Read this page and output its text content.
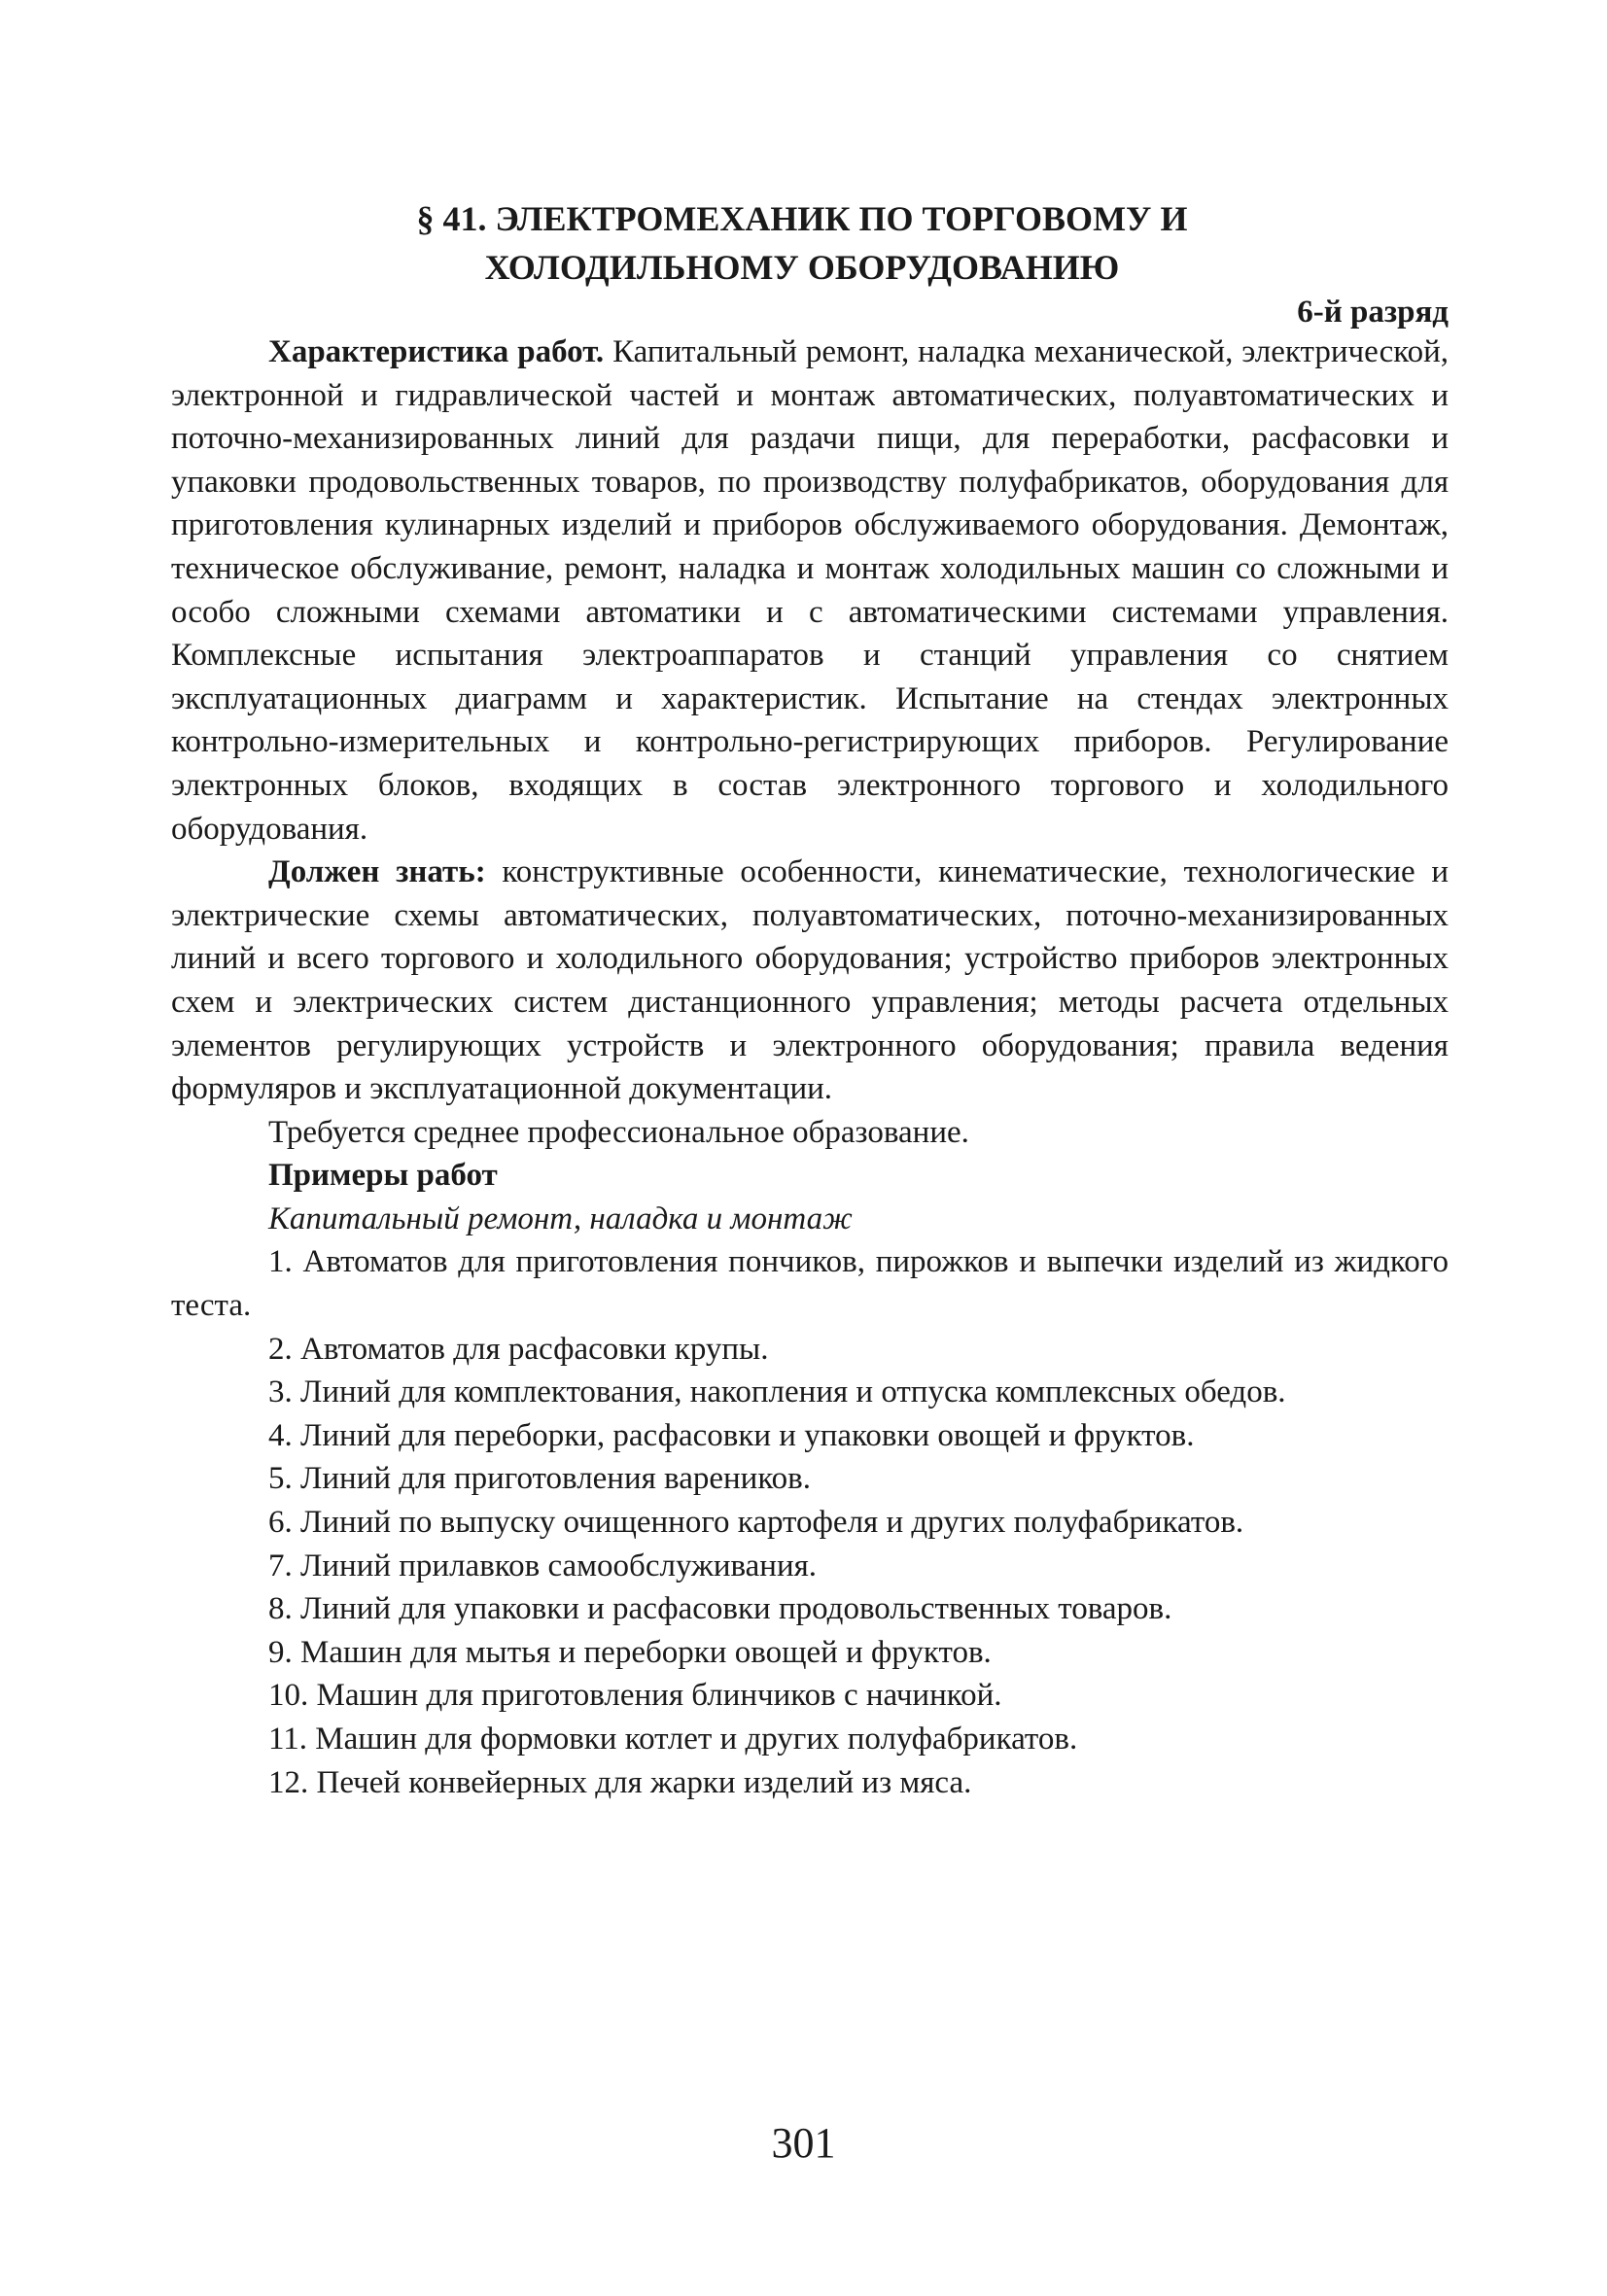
§ 41. ЭЛЕКТРОМЕХАНИК ПО ТОРГОВОМУ И
ХОЛОДИЛЬНОМУ ОБОРУДОВАНИЮ
6-й разряд

Характеристика работ. Капитальный ремонт, наладка механической, электрической, электронной и гидравлической частей и монтаж автоматических, полуавтоматических и поточно-механизированных линий для раздачи пищи, для переработки, расфасовки и упаковки продовольственных товаров, по производству полуфабрикатов, оборудования для приготовления кулинарных изделий и приборов обслуживаемого оборудования. Демонтаж, техническое обслуживание, ремонт, наладка и монтаж холодильных машин со сложными и особо сложными схемами автоматики и с автоматическими системами управления. Комплексные испытания электроаппаратов и станций управления со снятием эксплуатационных диаграмм и характеристик. Испытание на стендах электронных контрольно-измерительных и контрольно-регистрирующих приборов. Регулирование электронных блоков, входящих в состав электронного торгового и холодильного оборудования.

Должен знать: конструктивные особенности, кинематические, технологические и электрические схемы автоматических, полуавтоматических, поточно-механизированных линий и всего торгового и холодильного оборудования; устройство приборов электронных схем и электрических систем дистанционного управления; методы расчета отдельных элементов регулирующих устройств и электронного оборудования; правила ведения формуляров и эксплуатационной документации.

Требуется среднее профессиональное образование.

Примеры работ

Капитальный ремонт, наладка и монтаж

1. Автоматов для приготовления пончиков, пирожков и выпечки изделий из жидкого теста.

2. Автоматов для расфасовки крупы.

3. Линий для комплектования, накопления и отпуска комплексных обедов.

4. Линий для переборки, расфасовки и упаковки овощей и фруктов.

5. Линий для приготовления вареников.

6. Линий по выпуску очищенного картофеля и других полуфабрикатов.

7. Линий прилавков самообслуживания.

8. Линий для упаковки и расфасовки продовольственных товаров.

9. Машин для мытья и переборки овощей и фруктов.

10. Машин для приготовления блинчиков с начинкой.

11. Машин для формовки котлет и других полуфабрикатов.

12. Печей конвейерных для жарки изделий из мяса.

301
